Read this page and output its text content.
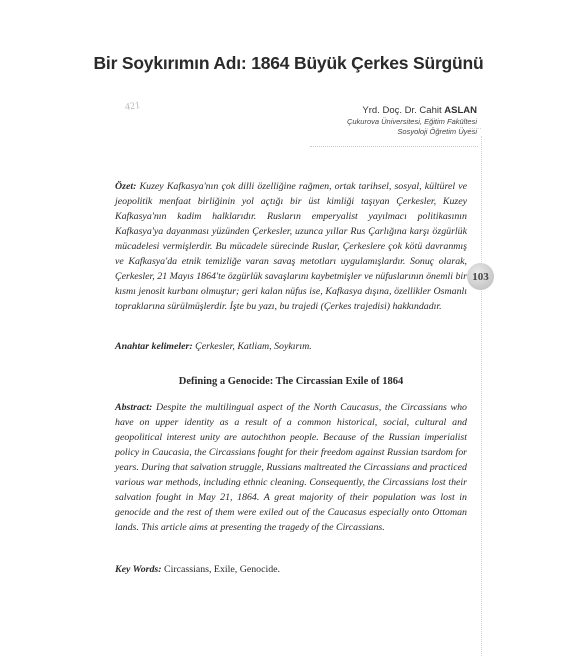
Bir Soykırımın Adı: 1864 Büyük Çerkes Sürgünü
421	Yrd. Doç. Dr. Cahit ASLAN
Çukurova Üniversitesi, Eğitim Fakültesi
Sosyoloji Öğretim Üyesi
103
Özet: Kuzey Kafkasya'nın çok dilli özelliğine rağmen, ortak tarihsel, sosyal, kültürel ve jeopolitik menfaat birliğinin yol açtığı bir üst kimliği taşıyan Çerkesler, Kuzey Kafkasya'nın kadim halklarıdır. Rusların emperyalist yayılmacı politikasının Kafkasya'ya dayanması yüzünden Çerkesler, uzunca yıllar Rus Çarlığına karşı özgürlük mücadelesi vermişlerdir. Bu mücadele sürecinde Ruslar, Çerkeslere çok kötü davranmış ve Kafkasya'da etnik temizliğe varan savaş metotları uygulamışlardır. Sonuç olarak, Çerkesler, 21 Mayıs 1864'te özgürlük savaşlarını kaybetmişler ve nüfuslarının önemli bir kısmı jenosit kurbanı olmuştur; geri kalan nüfus ise, Kafkasya dışına, özellikler Osmanlı topraklarına sürülmüşlerdir. İşte bu yazı, bu trajedi (Çerkes trajedisi) hakkındadır.
Anahtar kelimeler: Çerkesler, Katliam, Soykırım.
Defining a Genocide: The Circassian Exile of 1864
Abstract: Despite the multilingual aspect of the North Caucasus, the Circassians who have on upper identity as a result of a common historical, social, cultural and geopolitical interest unity are autochthon people. Because of the Russian imperialist policy in Caucasia, the Circassians fought for their freedom against Russian tsardom for years. During that salvation struggle, Russians maltreated the Circassians and practiced various war methods, including ethnic cleaning. Consequently, the Circassians lost their salvation fought in May 21, 1864. A great majority of their population was lost in genocide and the rest of them were exiled out of the Caucasus especially onto Ottoman lands. This article aims at presenting the tragedy of the Circassians.
Key Words: Circassians, Exile, Genocide.
